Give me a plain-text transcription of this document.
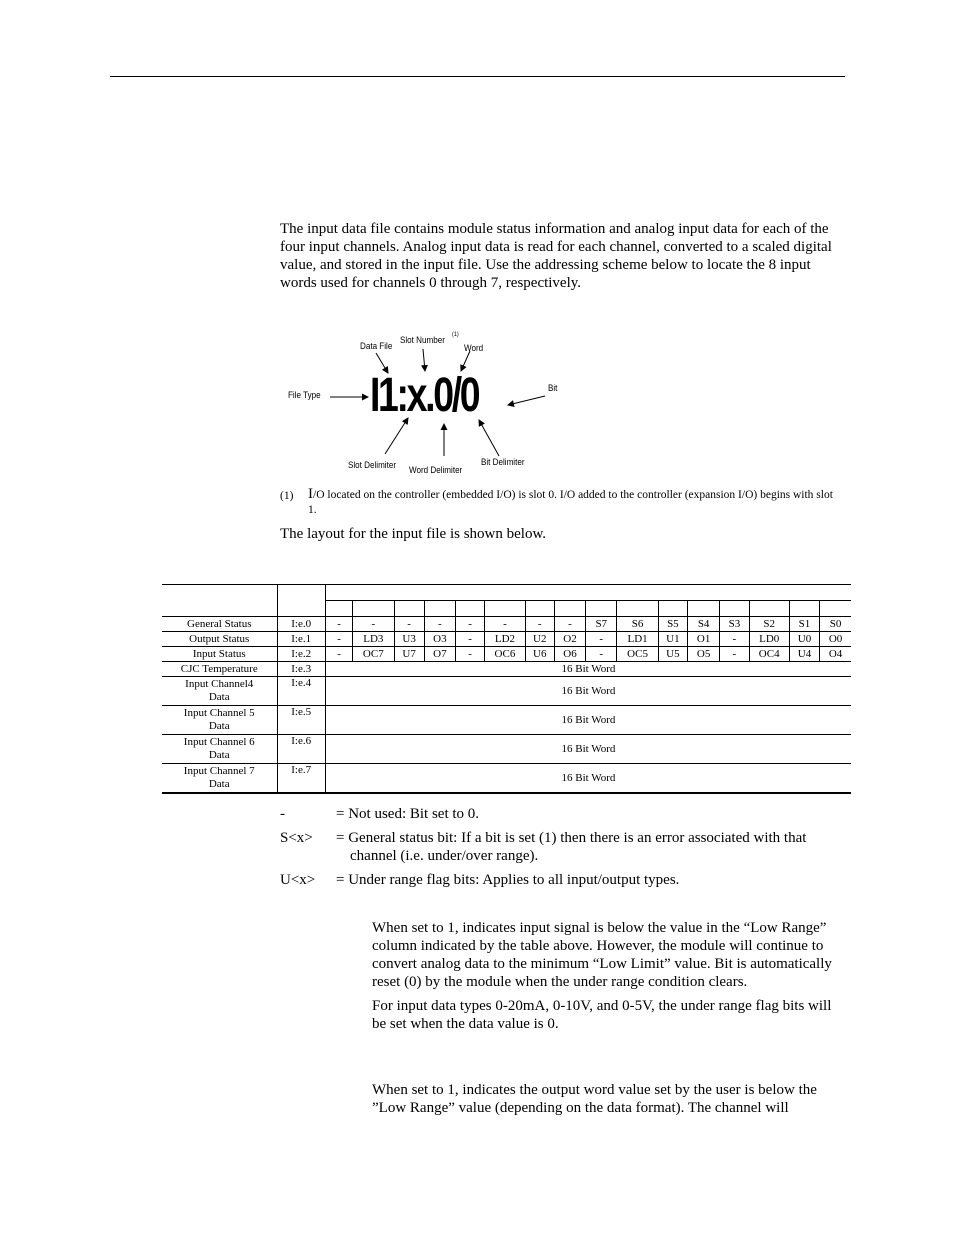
The input data file contains module status information and analog input data for each of the four input channels. Analog input data is read for each channel, converted to a scaled digital value, and stored in the input file. Use the addressing scheme below to locate the 8 input words used for channels 0 through 7, respectively.

File Type
Data File
Slot Number
(1)
Word
Bit
Slot Delimiter Word Delimiter
Bit Delimiter
I1:x.0/0
(1) I/O located on the controller (embedded I/O) is slot 0. I/O added to the controller (expansion I/O) begins with slot 1.

The layout for the input file is shown below.

General Status	I:e.0	-	-	-	-	-	-	-	-	S7	S6	S5	S4	S3	S2	S1	S0
Output Status	I:e.1	-	LD3	U3	O3	-	LD2	U2	O2	-	LD1	U1	O1	-	LD0	U0	O0
Input Status	I:e.2	-	OC7	U7	O7	-	OC6	U6	O6	-	OC5	U5	O5	-	OC4	U4	O4
CJC Temperature	I:e.3	16 Bit Word															
Input Channel4 Data	I:e.4	16 Bit Word															
Input Channel 5 Data	I:e.5	16 Bit Word															
Input Channel 6 Data	I:e.6	16 Bit Word															
Input Channel 7 Data	I:e.7	16 Bit Word															
-	= Not used: Bit set to 0.
S<x> = General status bit: If a bit is set (1) then there is an error associated with that channel (i.e. under/over range).
U<x> = Under range flag bits: Applies to all input/output types.

When set to 1, indicates input signal is below the value in the “Low Range” column indicated by the table above. However, the module will continue to convert analog data to the minimum “Low Limit” value. Bit is automatically reset (0) by the module when the under range condition clears.

For input data types 0-20mA, 0-10V, and 0-5V, the under range flag bits will be set when the data value is 0.

When set to 1, indicates the output word value set by the user is below the ”Low Range” value (depending on the data format). The channel will
